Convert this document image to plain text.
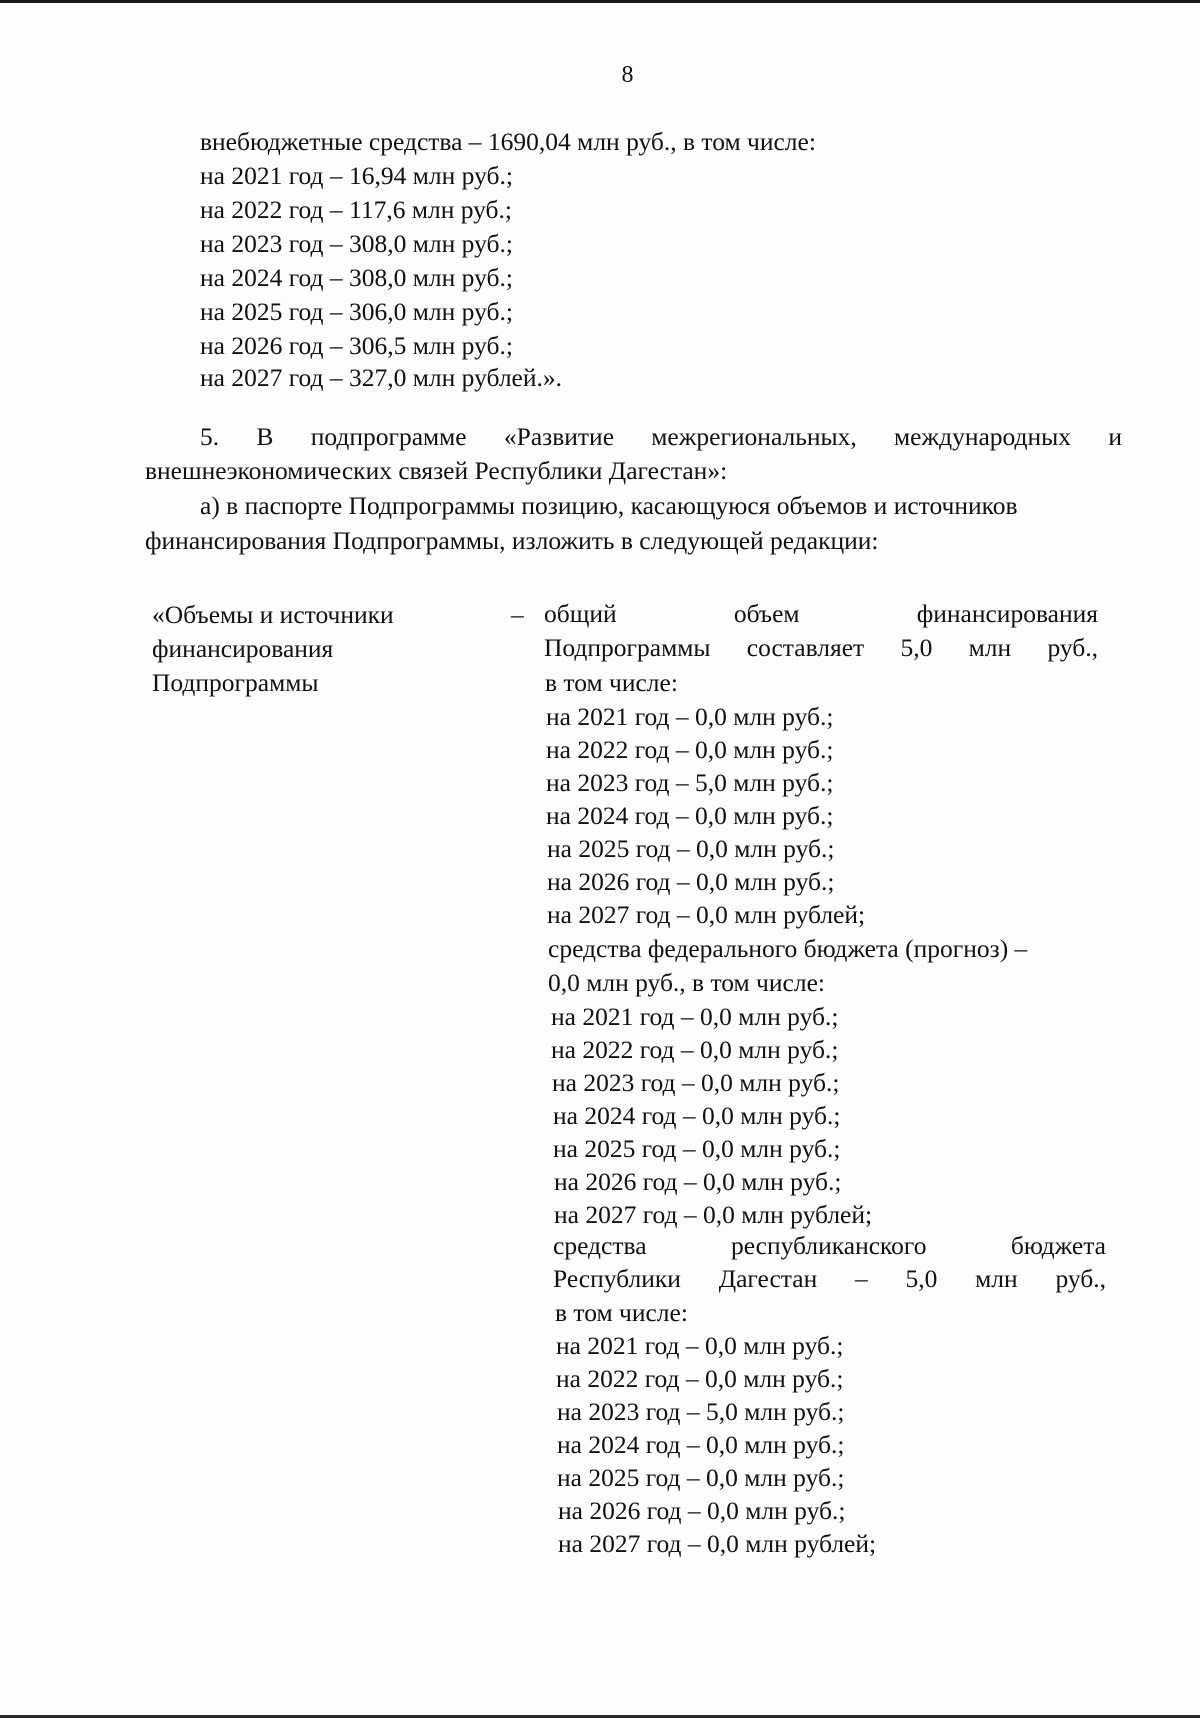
8
внебюджетные средства – 1690,04 млн руб., в том числе:
на 2021 год – 16,94 млн руб.;
на 2022 год – 117,6 млн руб.;
на 2023 год – 308,0 млн руб.;
на 2024 год – 308,0 млн руб.;
на 2025 год – 306,0 млн руб.;
на 2026 год – 306,5 млн руб.;
на 2027 год – 327,0 млн рублей.».
5. В подпрограмме «Развитие межрегиональных, международных и
внешнеэкономических связей Республики Дагестан»:
а) в паспорте Подпрограммы позицию, касающуюся объемов и источников
финансирования Подпрограммы, изложить в следующей редакции:
«Объемы и источники
финансирования
Подпрограммы
– общий	объем	финансирования
Подпрограммы составляет 5,0 млн руб.,
в том числе:
на 2021 год – 0,0 млн руб.;
на 2022 год – 0,0 млн руб.;
на 2023 год – 5,0 млн руб.;
на 2024 год – 0,0 млн руб.;
на 2025 год – 0,0 млн руб.;
на 2026 год – 0,0 млн руб.;
на 2027 год – 0,0 млн рублей;
средства федерального бюджета (прогноз) –
0,0 млн руб., в том числе:
на 2021 год – 0,0 млн руб.;
на 2022 год – 0,0 млн руб.;
на 2023 год – 0,0 млн руб.;
на 2024 год – 0,0 млн руб.;
на 2025 год – 0,0 млн руб.;
на 2026 год – 0,0 млн руб.;
на 2027 год – 0,0 млн рублей;
средства	республиканского	бюджета
Республики Дагестан – 5,0 млн руб.,
в том числе:
на 2021 год – 0,0 млн руб.;
на 2022 год – 0,0 млн руб.;
на 2023 год – 5,0 млн руб.;
на 2024 год – 0,0 млн руб.;
на 2025 год – 0,0 млн руб.;
на 2026 год – 0,0 млн руб.;
на 2027 год – 0,0 млн рублей;
